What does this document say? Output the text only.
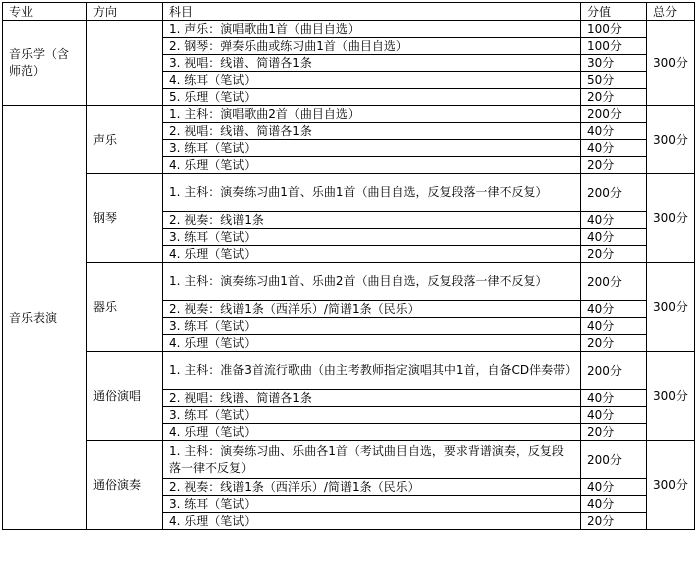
专业	方向	科目	分值	总分
音乐学（含师范）		1. 声乐：演唱歌曲1首（曲目自选）	100分	300分
		2. 钢琴：弹奏乐曲或练习曲1首（曲目自选）	100分	
		3. 视唱：线谱、简谱各1条	30分	
		4. 练耳（笔试）	50分	
		5. 乐理（笔试）	20分	
音乐表演	声乐	1. 主科：演唱歌曲2首（曲目自选）	200分	300分
		2. 视唱：线谱、简谱各1条	40分	
		3. 练耳（笔试）	40分	
		4. 乐理（笔试）	20分	
	钢琴	1. 主科：演奏练习曲1首、乐曲1首（曲目自选，反复段落一律不反复）	200分	300分
		2. 视奏：线谱1条	40分	
		3. 练耳（笔试）	40分	
		4. 乐理（笔试）	20分	
	器乐	1. 主科：演奏练习曲1首、乐曲2首（曲目自选，反复段落一律不反复）	200分	300分
		2. 视奏：线谱1条（西洋乐）/简谱1条（民乐）	40分	
		3. 练耳（笔试）	40分	
		4. 乐理（笔试）	20分	
	通俗演唱	1. 主科：准备3首流行歌曲（由主考教师指定演唱其中1首，自备CD伴奏带）	200分	300分
		2. 视唱：线谱、简谱各1条	40分	
		3. 练耳（笔试）	40分	
		4. 乐理（笔试）	20分	
	通俗演奏	1. 主科：演奏练习曲、乐曲各1首（考试曲目自选，要求背谱演奏，反复段落一律不反复）	200分	300分
		2. 视奏：线谱1条（西洋乐）/简谱1条（民乐）	40分	
		3. 练耳（笔试）	40分	
		4. 乐理（笔试）	20分	
